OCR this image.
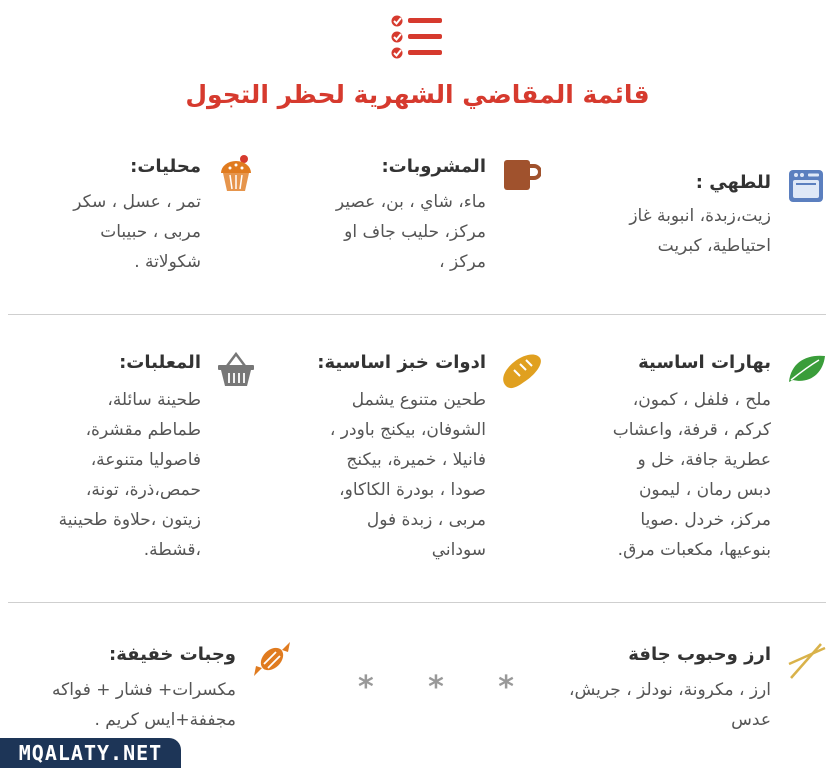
قائمة المقاضي الشهرية لحظر التجول
للطهي :
زيت،زبدة، انبوبة غاز
احتياطية، كبريت
المشروبات:
ماء، شاي ، بن، عصير
مركز، حليب جاف او
مركز ،
محليات:
تمر ، عسل ، سكر
مربى ، حبيبات
شكولاتة .
بهارات اساسية
ملح ، فلفل ، كمون،
كركم ، قرفة، واعشاب
عطرية جافة، خل و
دبس رمان ، ليمون
مركز، خردل .صويا
بنوعيها، مكعبات مرق.
ادوات خبز اساسية:
طحين متنوع يشمل
الشوفان، بيكنج باودر ،
فانيلا ، خميرة، بيكنج
صودا ، بودرة الكاكاو،
مربى ، زبدة فول
سوداني
المعلبات:
طحينة سائلة،
طماطم مقشرة،
فاصوليا متنوعة،
حمص،ذرة، تونة،
زيتون ،حلاوة طحينية
،قشطة.
ارز وحبوب جافة
ارز ، مكرونة، نودلز ، جريش،
عدس
* * *
وجبات خفيفة:
مكسرات+ فشار + فواكه
مجففة+ايس كريم .
MQALATY.NET
